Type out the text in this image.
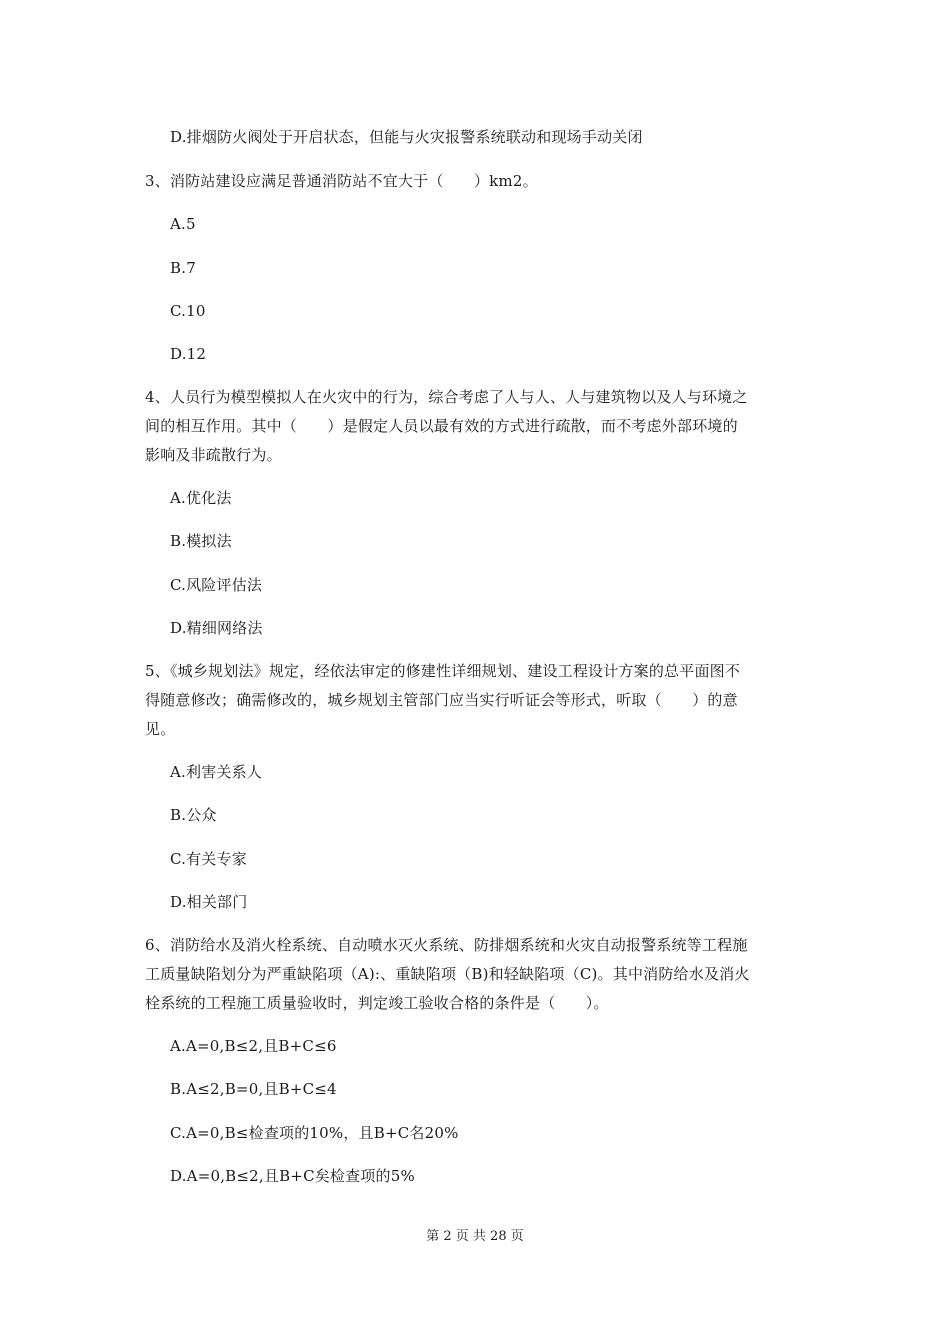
D.排烟防火阀处于开启状态，但能与火灾报警系统联动和现场手动关闭
3、消防站建设应满足普通消防站不宜大于（　　）km2。
A.5
B.7
C.10
D.12
4、人员行为模型模拟人在火灾中的行为，综合考虑了人与人、人与建筑物以及人与环境之
间的相互作用。其中（　　）是假定人员以最有效的方式进行疏散，而不考虑外部环境的
影响及非疏散行为。
A.优化法
B.模拟法
C.风险评估法
D.精细网络法
5、《城乡规划法》规定，经依法审定的修建性详细规划、建设工程设计方案的总平面图不
得随意修改；确需修改的，城乡规划主管部门应当实行听证会等形式，听取（　　）的意
见。
A.利害关系人
B.公众
C.有关专家
D.相关部门
6、消防给水及消火栓系统、自动喷水灭火系统、防排烟系统和火灾自动报警系统等工程施
工质量缺陷划分为严重缺陷项（A):、重缺陷项（B)和轻缺陷项（C)。其中消防给水及消火
栓系统的工程施工质量验收时，判定竣工验收合格的条件是（　　）。
A.A=0,B≤2,且B+C≤6
B.A≤2,B=0,且B+C≤4
C.A=0,B≤检查项的10%，且B+C名20%
D.A=0,B≤2,且B+C矣检查项的5%
第 2 页 共 28 页
